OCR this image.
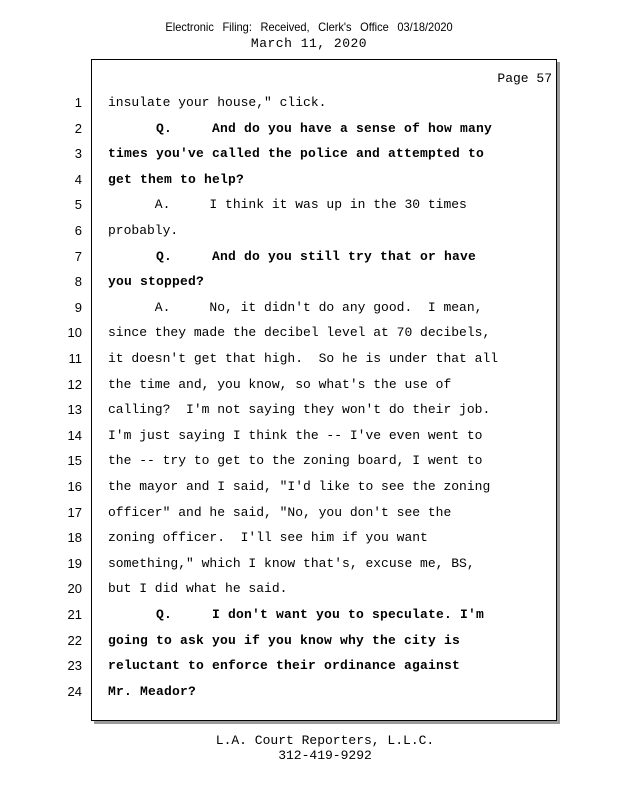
Electronic Filing: Received, Clerk's Office 03/18/2020
March 11, 2020
Page 57
1 insulate your house," click.
2 Q.     And do you have a sense of how many
3 times you've called the police and attempted to
4 get them to help?
5 A.     I think it was up in the 30 times
6 probably.
7 Q.     And do you still try that or have
8 you stopped?
9 A.     No, it didn't do any good.  I mean,
10 since they made the decibel level at 70 decibels,
11 it doesn't get that high.  So he is under that all
12 the time and, you know, so what's the use of
13 calling?  I'm not saying they won't do their job.
14 I'm just saying I think the -- I've even went to
15 the -- try to get to the zoning board, I went to
16 the mayor and I said, "I'd like to see the zoning
17 officer" and he said, "No, you don't see the
18 zoning officer.  I'll see him if you want
19 something," which I know that's, excuse me, BS,
20 but I did what he said.
21 Q.     I don't want you to speculate. I'm
22 going to ask you if you know why the city is
23 reluctant to enforce their ordinance against
24 Mr. Meador?
L.A. Court Reporters, L.L.C.
312-419-9292
